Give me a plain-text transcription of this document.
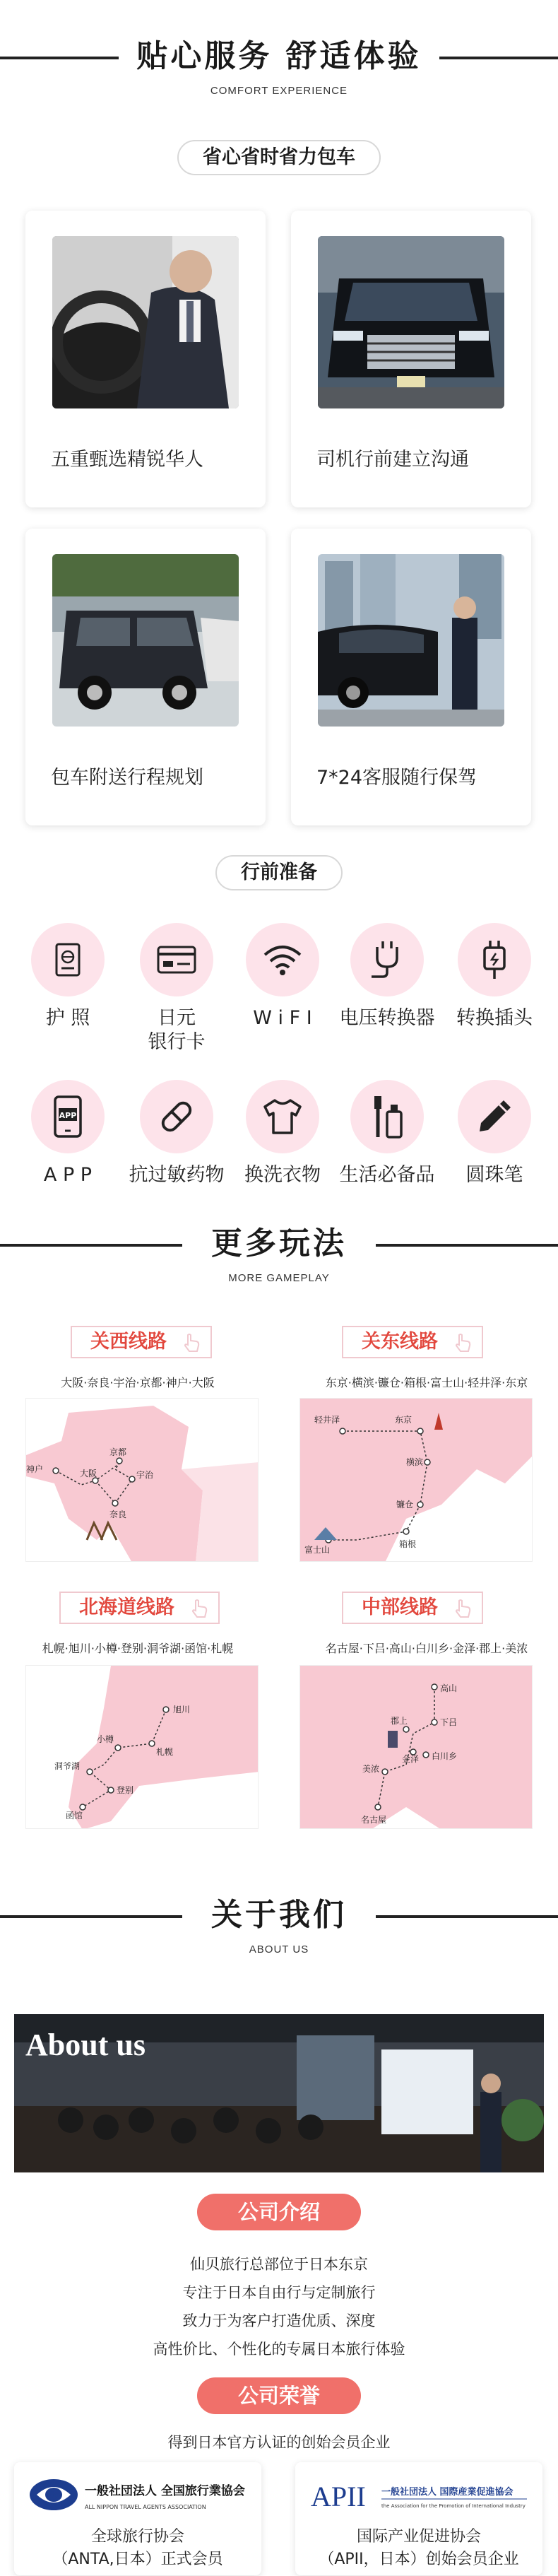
贴心服务 舒适体验
COMFORT EXPERIENCE
省心省时省力包车
五重甄选精锐华人	司机行前建立沟通
包车附送行程规划	7*24客服随行保驾
行前准备
护 照	日元
银行卡
W i F I	电压转换器	转换插头
APP
A P P	抗过敏药物	换洗衣物 生活必备品	圆珠笔
更多玩法
MORE GAMEPLAY
关西线路
大阪·奈良·宇治·京都·神户·大阪
京都
宇治
神户	大阪
奈良
关东线路
东京·横滨·镰仓·箱根·富士山·轻井泽·东京
轻井泽	东京
横滨
镰仓
箱根
富士山
北海道线路
札幌·旭川·小樽·登别·洞爷湖·函馆·札幌
旭川
小樽
札幌
洞爷湖
登别
函馆
中部线路
名古屋·下吕·高山·白川乡·金泽·郡上·美浓
高山
郡上	下吕
金泽 白川乡
美浓
名古屋
关于我们
ABOUT US
About us
公司介绍
仙贝旅行总部位于日本东京
专注于日本自由行与定制旅行
致力于为客户打造优质、深度
高性价比、个性化的专属日本旅行体验
公司荣誉
得到日本官方认证的创始会员企业
一般社団法人 全国旅行業協会
ALL NIPPON TRAVEL AGENTS ASSOCIATION
全球旅行协会
（ANTA,日本）正式会员
APII 一般社団法人 国際産業促進協会
the Association for the Promotion of International Industry
国际产业促进协会
（APII，日本）创始会员企业
